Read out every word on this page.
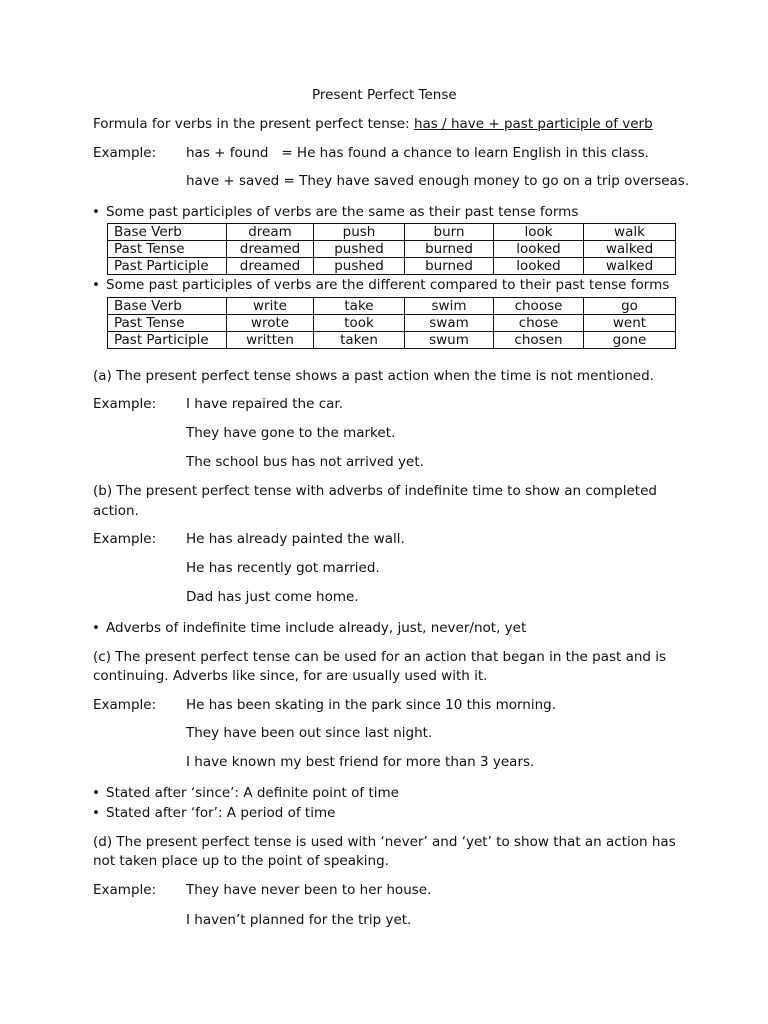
Present Perfect Tense
Formula for verbs in the present perfect tense: has / have + past participle of verb
Example: has + found   = He has found a chance to learn English in this class.
have + saved = They have saved enough money to go on a trip overseas.
• Some past participles of verbs are the same as their past tense forms
Base Verb	dream	push	burn	look	walk
Past Tense	dreamed	pushed	burned	looked	walked
Past Participle	dreamed	pushed	burned	looked	walked
• Some past participles of verbs are the different compared to their past tense forms
Base Verb	write	take	swim	choose	go
Past Tense	wrote	took	swam	chose	went
Past Participle	written	taken	swum	chosen	gone
(a) The present perfect tense shows a past action when the time is not mentioned.
Example: I have repaired the car.
They have gone to the market.
The school bus has not arrived yet.
(b) The present perfect tense with adverbs of indefinite time to show an completed
action.
Example: He has already painted the wall.
He has recently got married.
Dad has just come home.
• Adverbs of indefinite time include already, just, never/not, yet
(c) The present perfect tense can be used for an action that began in the past and is
continuing. Adverbs like since, for are usually used with it.
Example: He has been skating in the park since 10 this morning.
They have been out since last night.
I have known my best friend for more than 3 years.
• Stated after ‘since’: A definite point of time
• Stated after ‘for’: A period of time
(d) The present perfect tense is used with ‘never’ and ‘yet’ to show that an action has
not taken place up to the point of speaking.
Example: They have never been to her house.
I haven’t planned for the trip yet.
